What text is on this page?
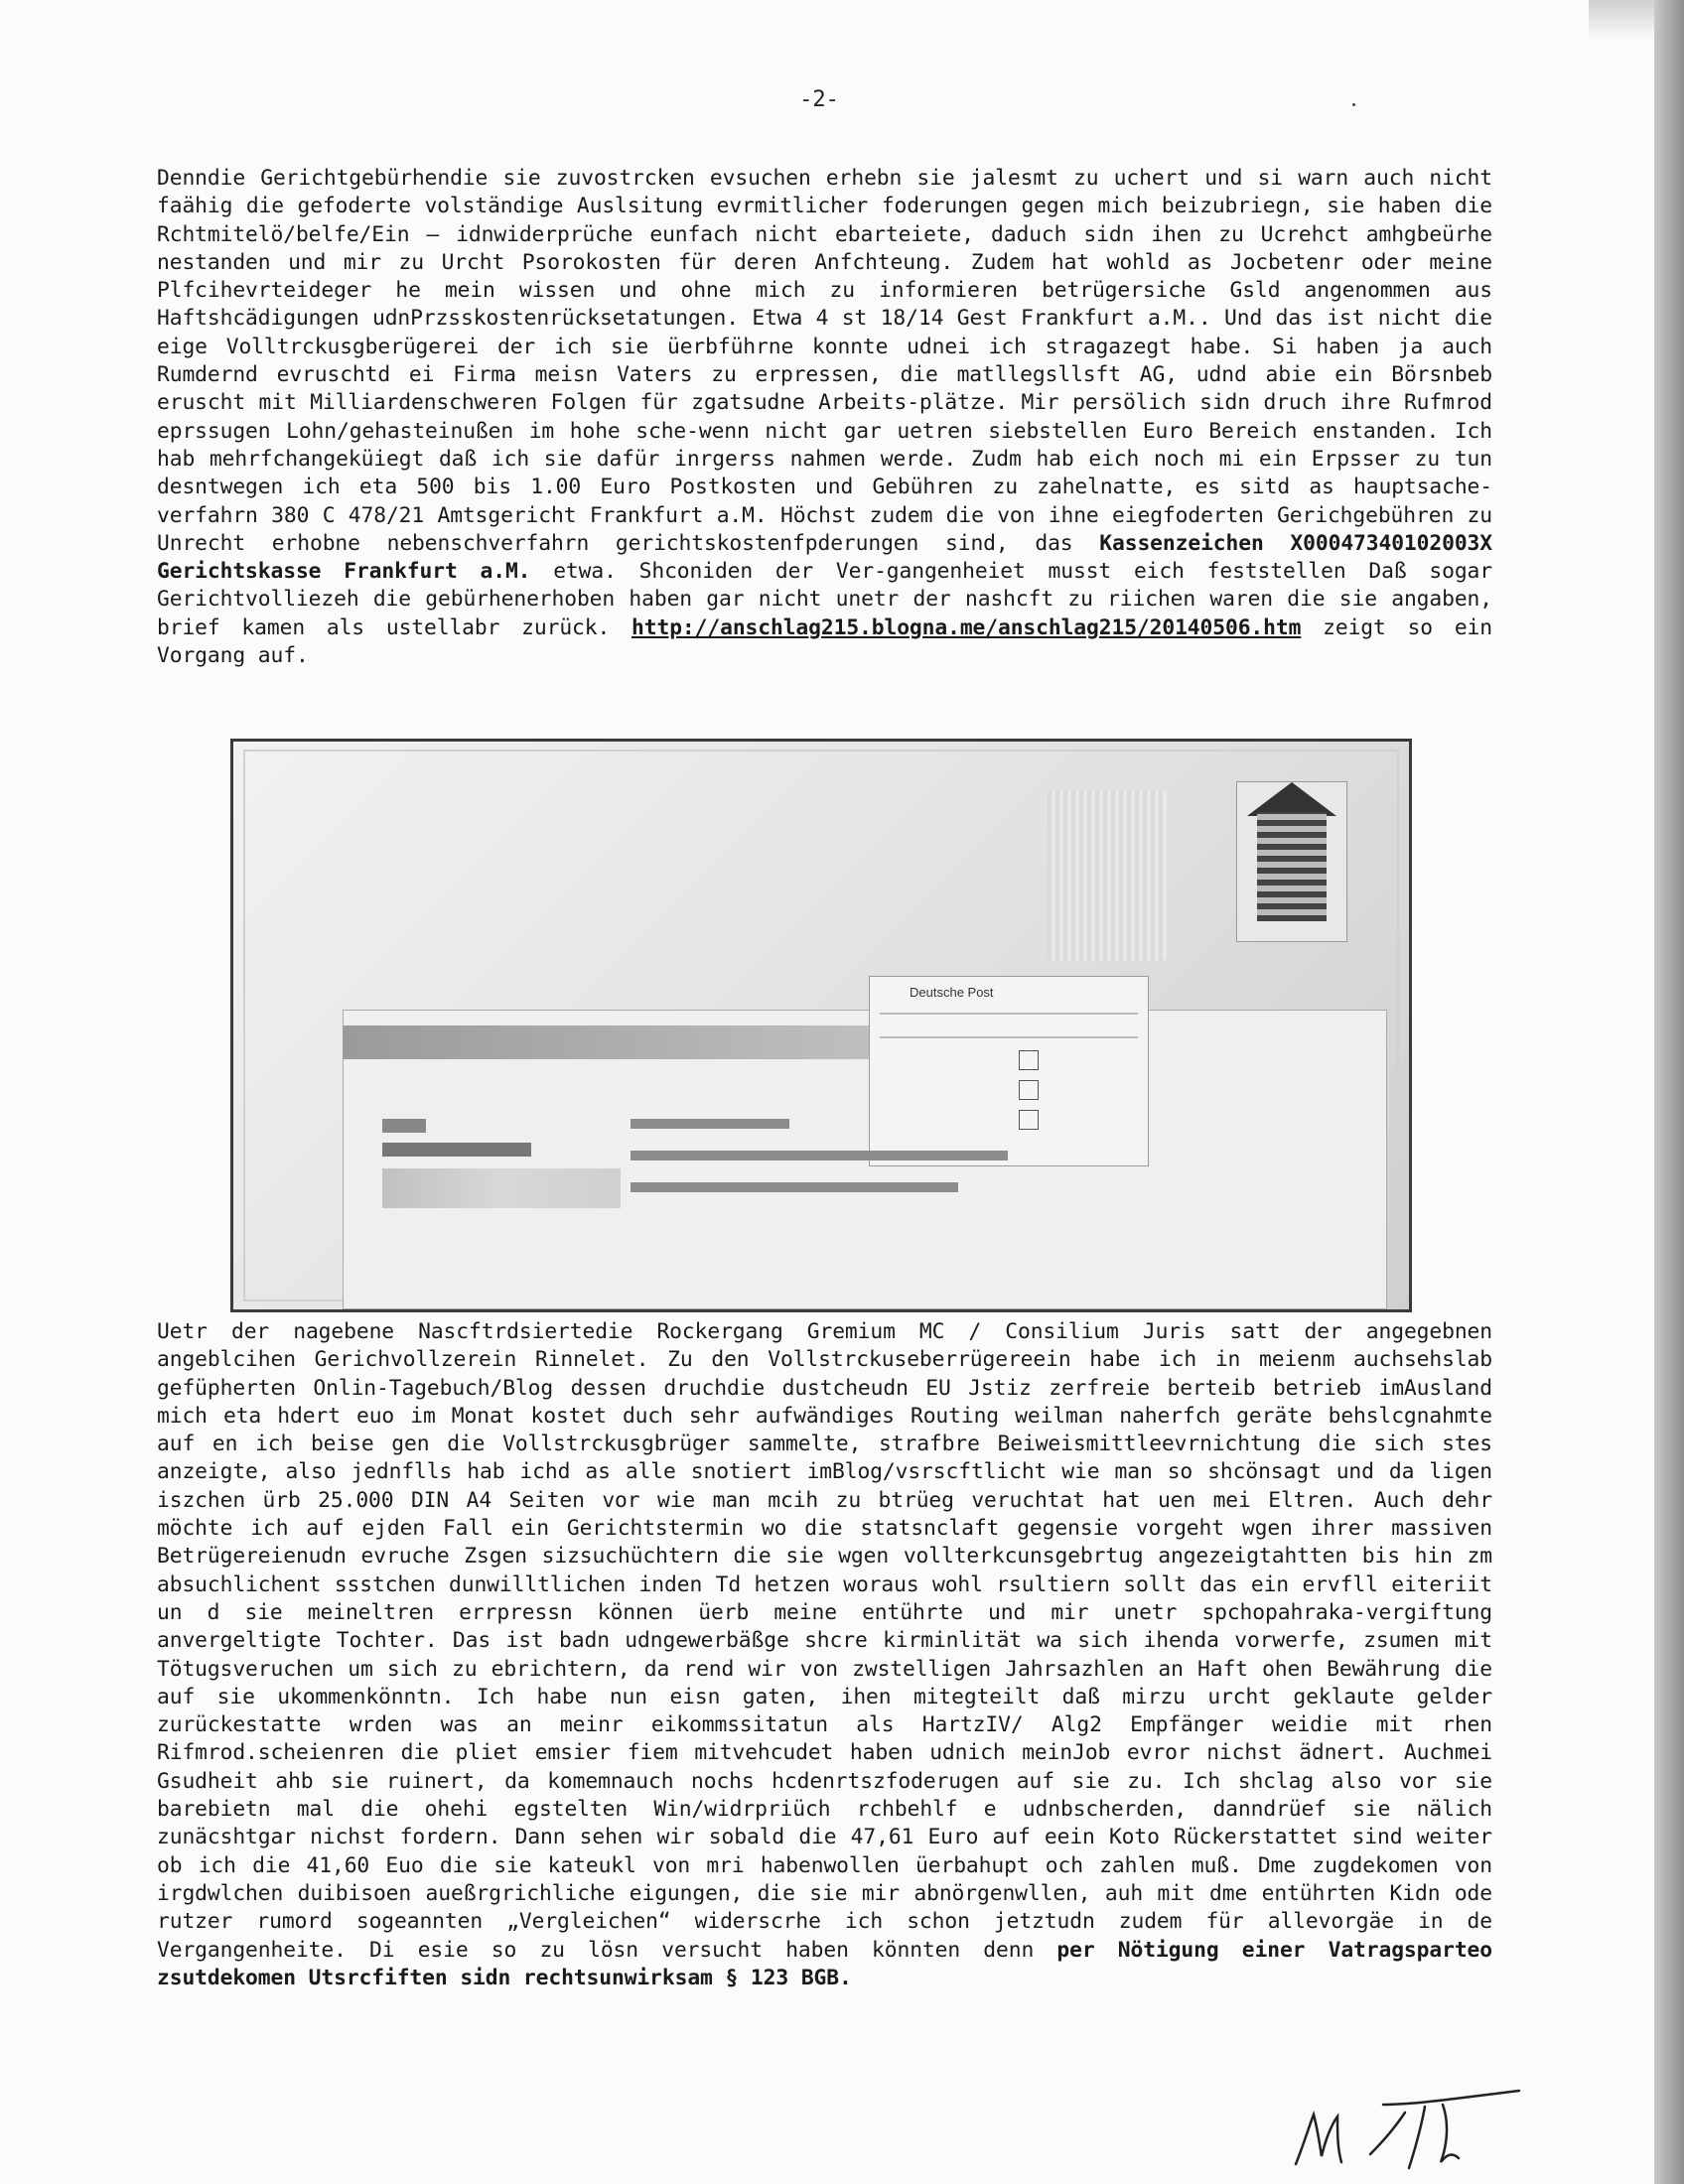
-2-
Denndie Gerichtgebürhendie sie zuvostrcken evsuchen erhebn sie jalesmt zu uchert und si warn auch nicht faähig die gefoderte volständige Auslsitung evrmitlicher foderungen gegen mich beizubriegn, sie haben die Rchtmitelö/belfe/Ein – idnwiderprüche eunfach nicht ebarteiete, daduch sidn ihen zu Ucrehct amhgbeürhe nestanden und mir zu Urcht Psorokosten für deren Anfchteung. Zudem hat wohld as Jocbetenr oder meine Plfcihevrteideger he mein wissen und ohne mich zu informieren betrügersiche Gsld angenommen aus Haftshcädigungen udnPrzsskostenrücksetatungen. Etwa 4 st 18/14 Gest Frankfurt a.M.. Und das ist nicht die eige Volltrckusgberügerei der ich sie üerbführne konnte udnei ich stragazegt habe. Si haben ja auch Rumdernd evruschtd ei Firma meisn Vaters zu erpressen, die matllegsllsft AG, udnd abie ein Börsnbeb eruscht mit Milliardenschweren Folgen für zgatsudne Arbeits-plätze. Mir persölich sidn druch ihre Rufmrod eprssugen Lohn/gehasteinußen im hohe sche-wenn nicht gar uetren siebstellen Euro Bereich enstanden. Ich hab mehrfchangeküiegt daß ich sie dafür inrgerss nahmen werde. Zudm hab eich noch mi ein Erpsser zu tun desntwegen ich eta 500 bis 1.00 Euro Postkosten und Gebühren zu zahelnatte, es sitd as hauptsache-verfahrn 380 C 478/21 Amtsgericht Frankfurt a.M. Höchst zudem die von ihne eiegfoderten Gerichgebühren zu Unrecht erhobne nebenschverfahrn gerichtskostenfpderungen sind, das Kassenzeichen X00047340102003X Gerichtskasse Frankfurt a.M. etwa. Shconiden der Ver-gangenheiet musst eich feststellen Daß sogar Gerichtvolliezeh die gebürhenerhoben haben gar nicht unetr der nashcft zu riichen waren die sie angaben, brief kamen als ustellabr zurück. http://anschlag215.blogna.me/anschlag215/20140506.htm zeigt so ein Vorgang auf.
Deutsche Post
Uetr der nagebene Nascftrdsiertedie Rockergang Gremium MC / Consilium Juris satt der angegebnen angeblcihen Gerichvollzerein Rinnelet. Zu den Vollstrckuseberrügereein habe ich in meienm auchsehslab gefüpherten Onlin-Tagebuch/Blog dessen druchdie dustcheudn EU Jstiz zerfreie berteib betrieb imAusland mich eta hdert euo im Monat kostet duch sehr aufwändiges Routing weilman naherfch geräte behslcgnahmte auf en ich beise gen die Vollstrckusgbrüger sammelte, strafbre Beiweismittleevrnichtung die sich stes anzeigte, also jednflls hab ichd as alle snotiert imBlog/vsrscftlicht wie man so shcönsagt und da ligen iszchen ürb 25.000 DIN A4 Seiten vor wie man mcih zu btrüeg veruchtat hat uen mei Eltren. Auch dehr möchte ich auf ejden Fall ein Gerichtstermin wo die statsnclaft gegensie vorgeht wgen ihrer massiven Betrügereienudn evruche Zsgen sizsuchüchtern die sie wgen vollterkcunsgebrtug angezeigtahtten bis hin zm absuchlichent ssstchen dunwilltlichen inden Td hetzen woraus wohl rsultiern sollt das ein ervfll eiteriit un d sie meineltren errpressn können üerb meine entührte und mir unetr spchopahraka-vergiftung anvergeltigte Tochter. Das ist badn udngewerbäßge shcre kirminlität wa sich ihenda vorwerfe, zsumen mit Tötugsveruchen um sich zu ebrichtern, da rend wir von zwstelligen Jahrsazhlen an Haft ohen Bewährung die auf sie ukommenkönntn. Ich habe nun eisn gaten, ihen mitegteilt daß mirzu urcht geklaute gelder zurückestatte wrden was an meinr eikommssitatun als HartzIV/ Alg2 Empfänger weidie mit rhen Rifmrod.scheienren die pliet emsier fiem mitvehcudet haben udnich meinJob evror nichst ädnert. Auchmei Gsudheit ahb sie ruinert, da komemnauch nochs hcdenrtszfoderugen auf sie zu. Ich shclag also vor sie barebietn mal die ohehi egstelten Win/widrpriüch rchbehlf e udnbscherden, danndrüef sie nälich zunäcshtgar nichst fordern. Dann sehen wir sobald die 47,61 Euro auf eein Koto Rückerstattet sind weiter ob ich die 41,60 Euo die sie kateukl von mri habenwollen üerbahupt och zahlen muß. Dme zugdekomen von irgdwlchen duibisoen aueßrgrichliche eigungen, die sie mir abnörgenwllen, auh mit dme entührten Kidn ode rutzer rumord sogeannten „Vergleichen“ widerscrhe ich schon jetztudn zudem für allevorgäe in de Vergangenheite. Di esie so zu lösn versucht haben könnten denn per Nötigung einer Vatragsparteo zsutdekomen Utsrcfiften sidn rechtsunwirksam § 123 BGB.
